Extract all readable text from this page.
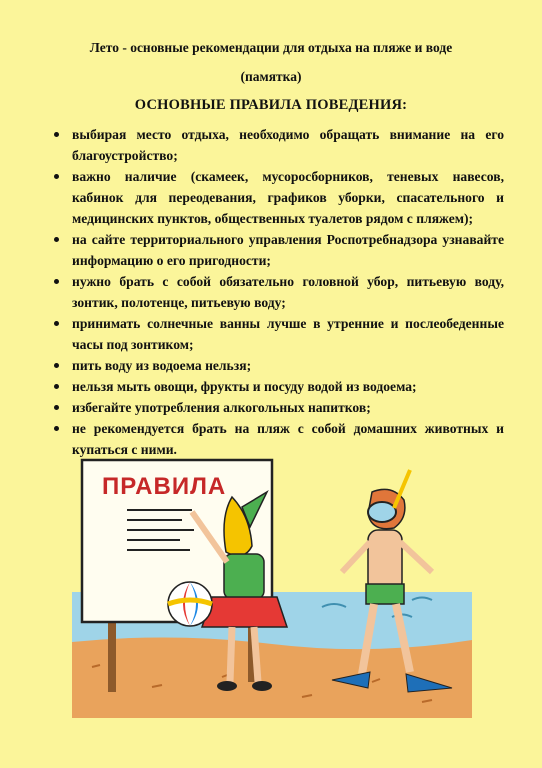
Лето - основные рекомендации для отдыха на пляже и воде
(памятка)
ОСНОВНЫЕ ПРАВИЛА ПОВЕДЕНИЯ:
выбирая место отдыха, необходимо обращать внимание на его благоустройство;
важно наличие (скамеек, мусоросборников, теневых навесов, кабинок для переодевания, графиков уборки, спасательного и медицинских пунктов, общественных туалетов рядом с пляжем);
на сайте территориального управления Роспотребнадзора узнавайте информацию о его пригодности;
нужно брать с собой обязательно головной убор, питьевую воду, зонтик, полотенце, питьевую воду;
принимать солнечные ванны лучше в утренние и послеобеденные часы под зонтиком;
пить воду из водоема нельзя;
нельзя мыть овощи, фрукты и посуду водой из водоема;
избегайте употребления алкогольных напитков;
не рекомендуется брать на пляж с собой домашних животных и купаться с ними.
ПРАВИЛА
